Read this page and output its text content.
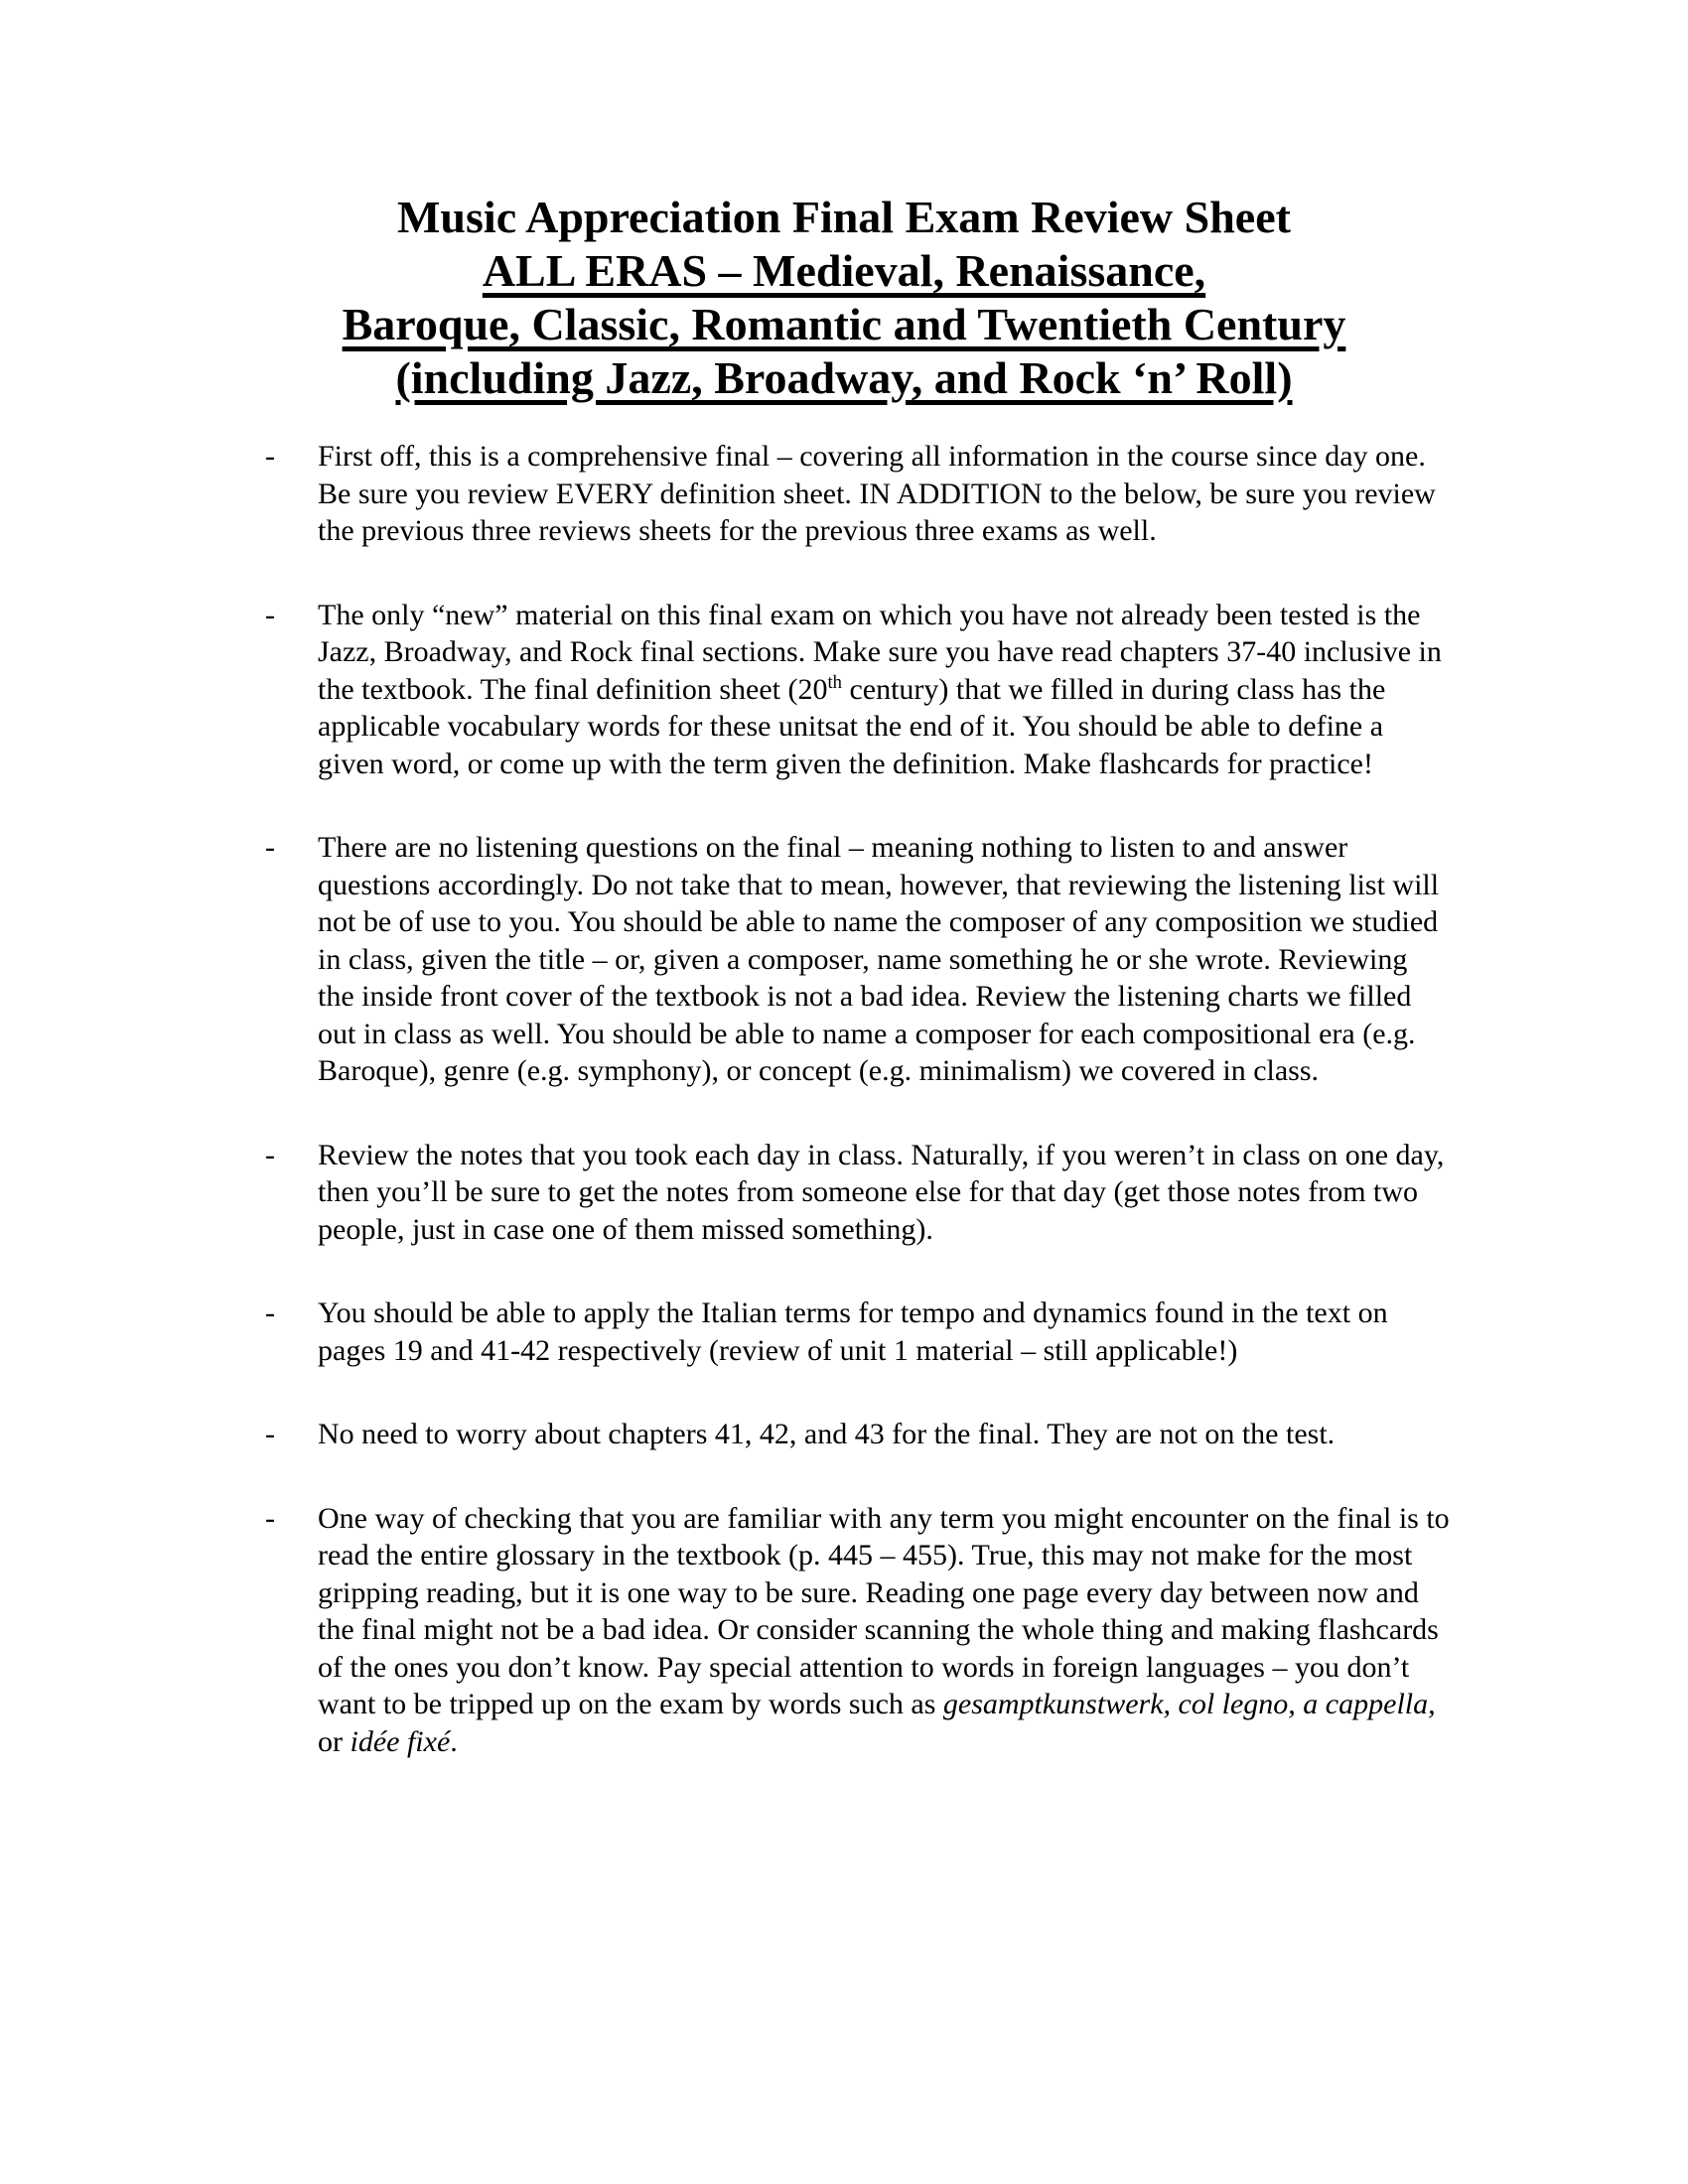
Music Appreciation Final Exam Review Sheet
ALL ERAS – Medieval, Renaissance,
Baroque, Classic, Romantic and Twentieth Century
(including Jazz, Broadway, and Rock ‘n’ Roll)
-	First off, this is a comprehensive final – covering all information in the course since day one. Be sure you review EVERY definition sheet. IN ADDITION to the below, be sure you review the previous three reviews sheets for the previous three exams as well.
-	The only “new” material on this final exam on which you have not already been tested is the Jazz, Broadway, and Rock final sections. Make sure you have read chapters 37-40 inclusive in the textbook. The final definition sheet (20th century) that we filled in during class has the applicable vocabulary words for these unitsat the end of it. You should be able to define a given word, or come up with the term given the definition. Make flashcards for practice!
-	There are no listening questions on the final – meaning nothing to listen to and answer questions accordingly. Do not take that to mean, however, that reviewing the listening list will not be of use to you. You should be able to name the composer of any composition we studied in class, given the title – or, given a composer, name something he or she wrote. Reviewing the inside front cover of the textbook is not a bad idea. Review the listening charts we filled out in class as well. You should be able to name a composer for each compositional era (e.g. Baroque), genre (e.g. symphony), or concept (e.g. minimalism) we covered in class.
-	Review the notes that you took each day in class. Naturally, if you weren’t in class on one day, then you’ll be sure to get the notes from someone else for that day (get those notes from two people, just in case one of them missed something).
-	You should be able to apply the Italian terms for tempo and dynamics found in the text on pages 19 and 41-42 respectively (review of unit 1 material – still applicable!)
-	No need to worry about chapters 41, 42, and 43 for the final. They are not on the test.
-	One way of checking that you are familiar with any term you might encounter on the final is to read the entire glossary in the textbook (p. 445 – 455). True, this may not make for the most gripping reading, but it is one way to be sure. Reading one page every day between now and the final might not be a bad idea. Or consider scanning the whole thing and making flashcards of the ones you don’t know. Pay special attention to words in foreign languages – you don’t want to be tripped up on the exam by words such as gesamptkunstwerk, col legno, a cappella, or idée fixé.
